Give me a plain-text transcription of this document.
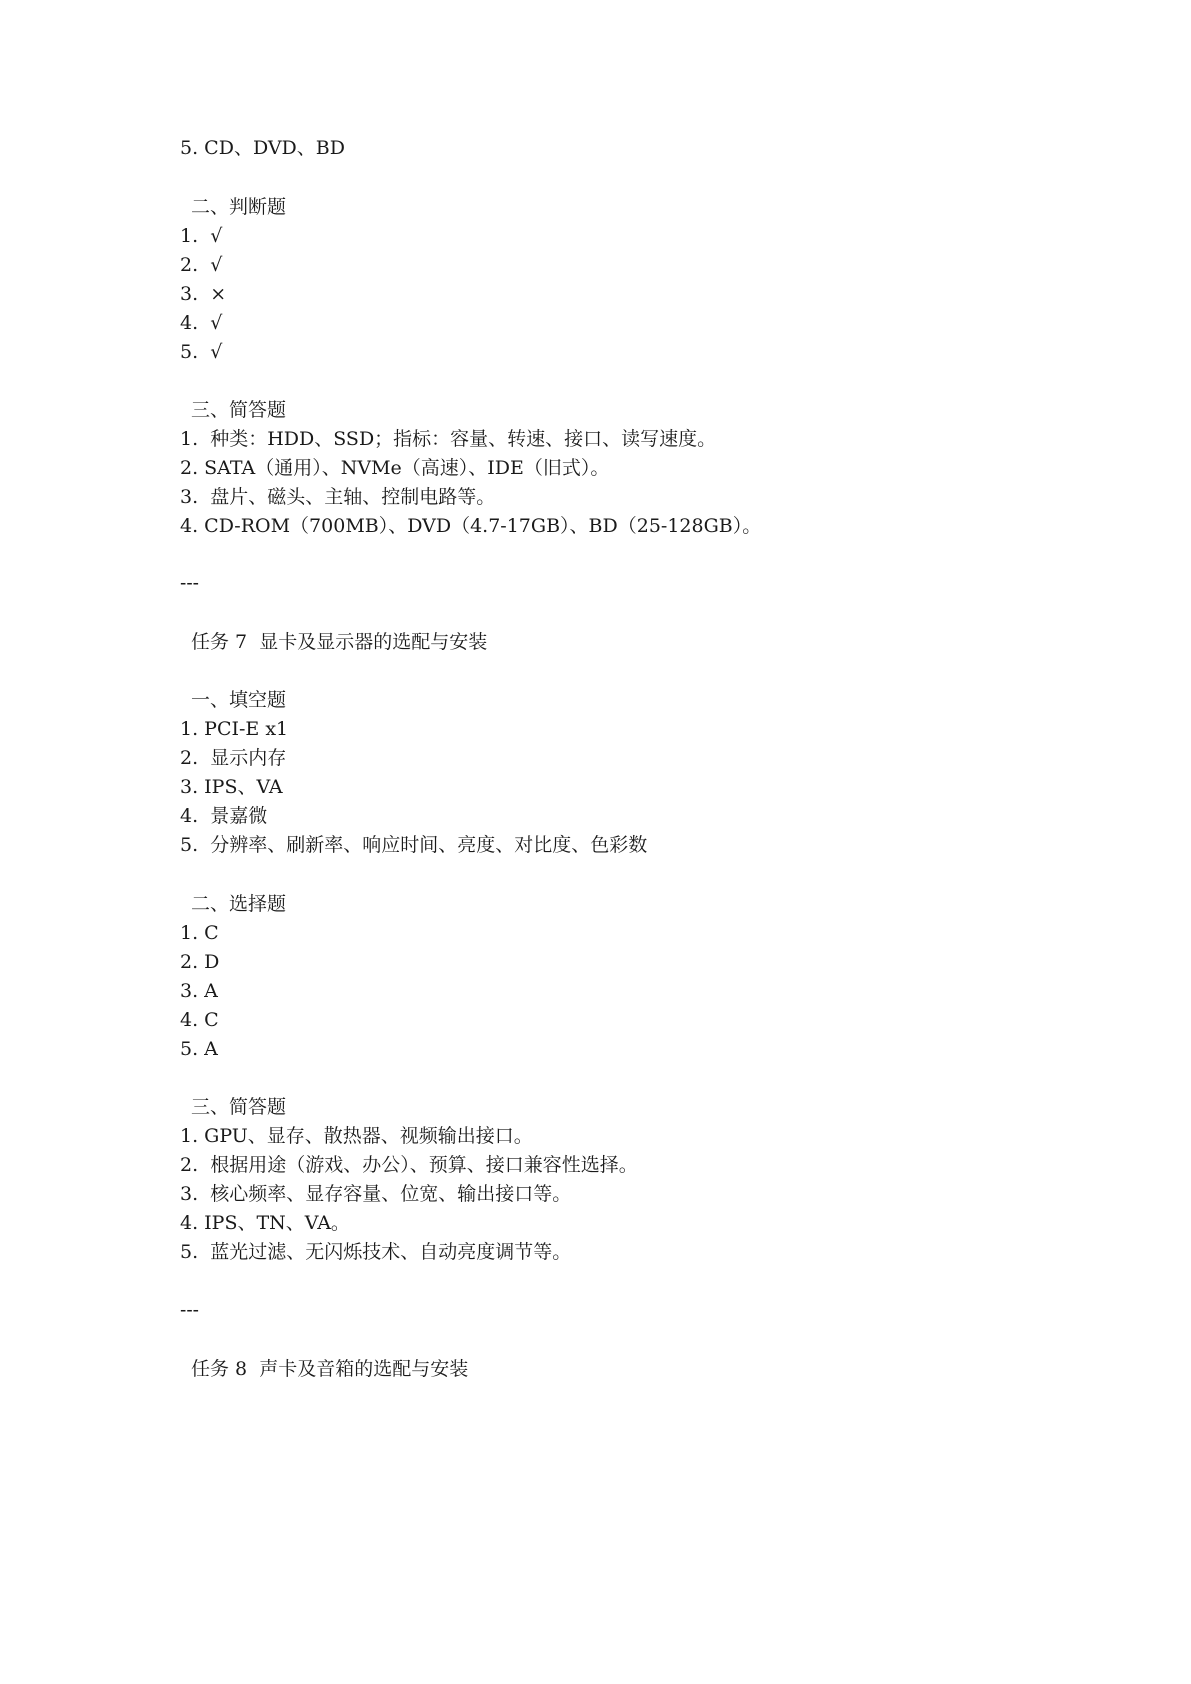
5. CD、DVD、BD
二、判断题
1.  √
2.  √
3.  ×
4.  √
5.  √
三、简答题
1.  种类：HDD、SSD；指标：容量、转速、接口、读写速度。
2. SATA（通用）、NVMe（高速）、IDE（旧式）。
3.  盘片、磁头、主轴、控制电路等。
4. CD-ROM（700MB）、DVD（4.7-17GB）、BD（25-128GB）。
---
任务 7  显卡及显示器的选配与安装
一、填空题
1. PCI-E x1
2.  显示内存
3. IPS、VA
4.  景嘉微
5.  分辨率、刷新率、响应时间、亮度、对比度、色彩数
二、选择题
1. C
2. D
3. A
4. C
5. A
三、简答题
1. GPU、显存、散热器、视频输出接口。
2.  根据用途（游戏、办公）、预算、接口兼容性选择。
3.  核心频率、显存容量、位宽、输出接口等。
4. IPS、TN、VA。
5.  蓝光过滤、无闪烁技术、自动亮度调节等。
---
任务 8  声卡及音箱的选配与安装
